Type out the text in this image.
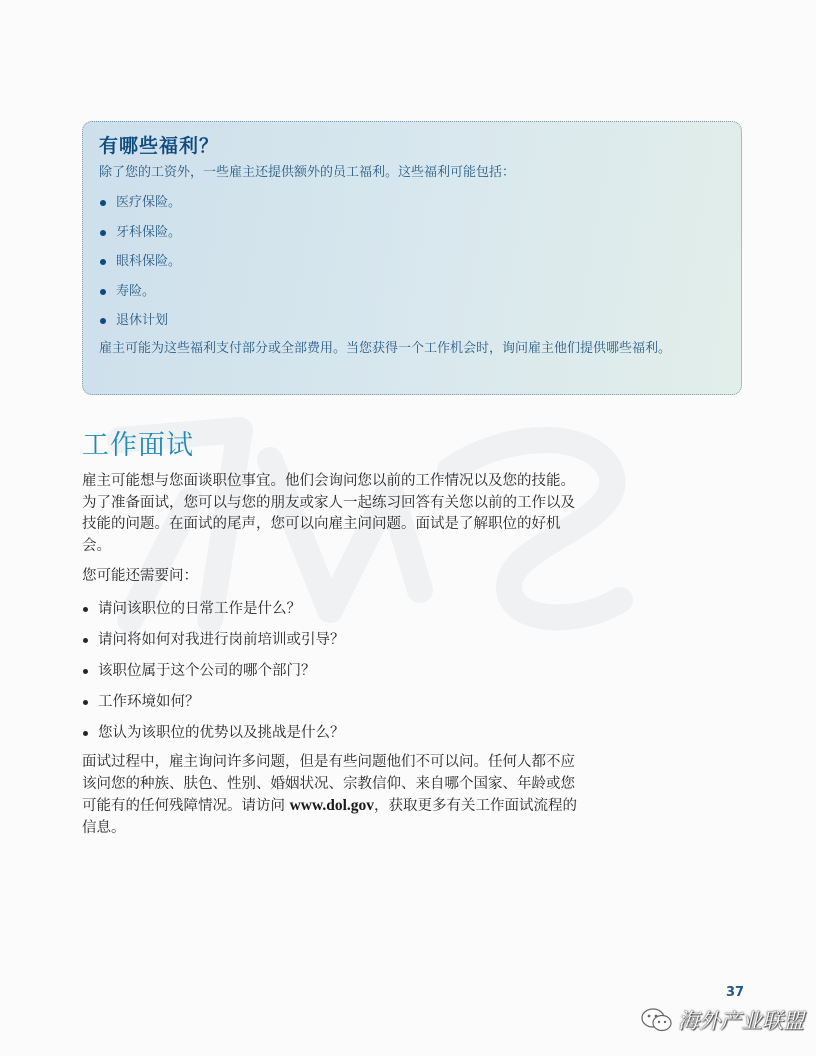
有哪些福利？

除了您的工资外，一些雇主还提供额外的员工福利。这些福利可能包括：

医疗保险。
牙科保险。
眼科保险。
寿险。
退休计划

雇主可能为这些福利支付部分或全部费用。当您获得一个工作机会时，询问雇主他们提供哪些福利。

工作面试

雇主可能想与您面谈职位事宜。他们会询问您以前的工作情况以及您的技能。为了准备面试，您可以与您的朋友或家人一起练习回答有关您以前的工作以及技能的问题。在面试的尾声，您可以向雇主问问题。面试是了解职位的好机会。

您可能还需要问：

请问该职位的日常工作是什么？
请问将如何对我进行岗前培训或引导？
该职位属于这个公司的哪个部门？
工作环境如何？
您认为该职位的优势以及挑战是什么？

面试过程中，雇主询问许多问题，但是有些问题他们不可以问。任何人都不应该问您的种族、肤色、性别、婚姻状况、宗教信仰、来自哪个国家、年龄或您可能有的任何残障情况。请访问 www.dol.gov，获取更多有关工作面试流程的信息。

37
海外产业联盟
